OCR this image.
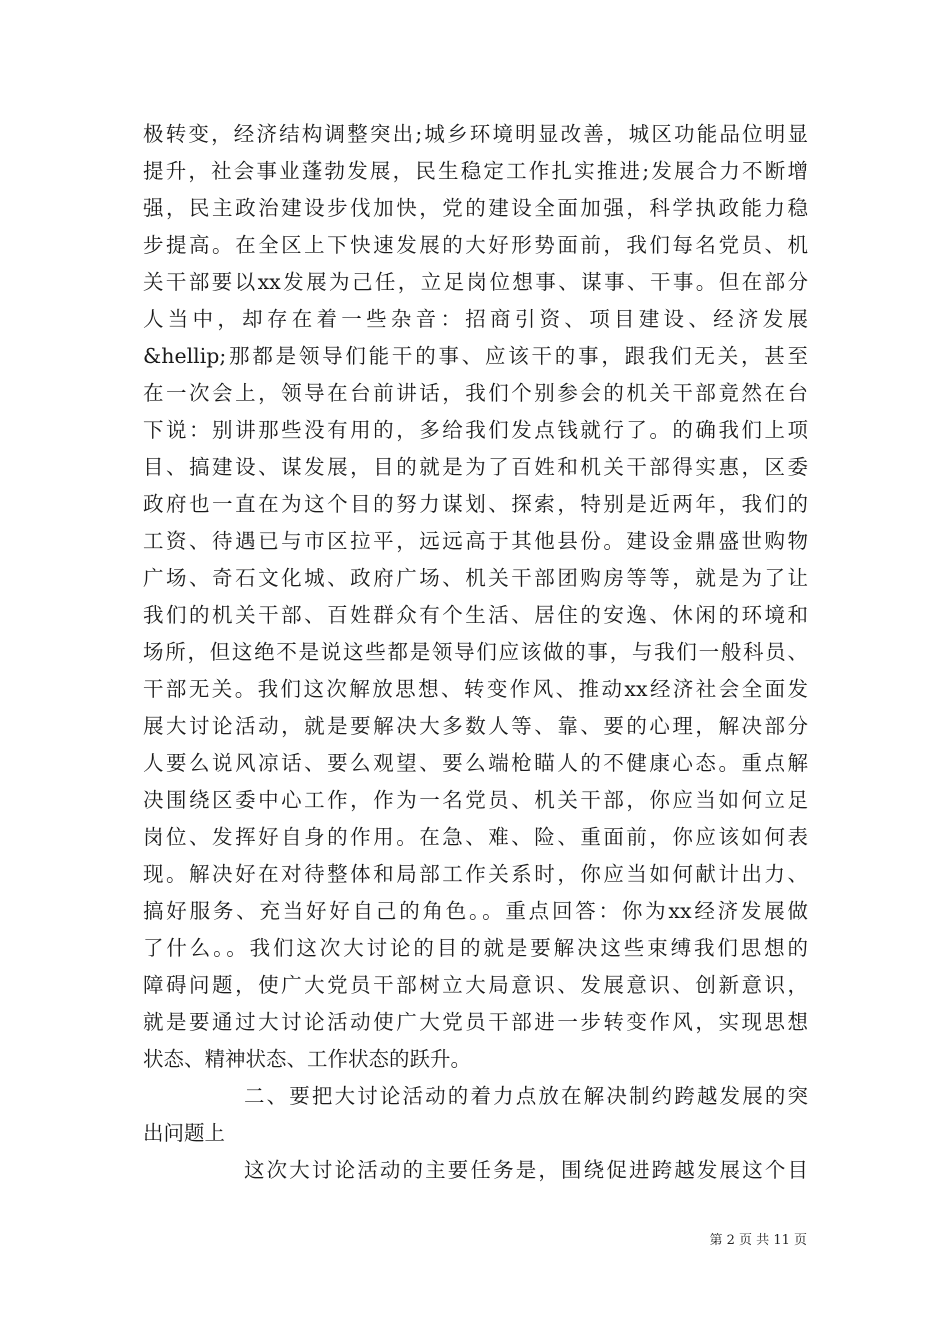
极转变，经济结构调整突出;城乡环境明显改善，城区功能品位明显
提升，社会事业蓬勃发展，民生稳定工作扎实推进;发展合力不断增
强，民主政治建设步伐加快，党的建设全面加强，科学执政能力稳
步提高。在全区上下快速发展的大好形势面前，我们每名党员、机
关干部要以xx发展为己任，立足岗位想事、谋事、干事。但在部分
人当中，却存在着一些杂音：招商引资、项目建设、经济发展
&hellip;那都是领导们能干的事、应该干的事，跟我们无关，甚至
在一次会上，领导在台前讲话，我们个别参会的机关干部竟然在台
下说：别讲那些没有用的，多给我们发点钱就行了。的确我们上项
目、搞建设、谋发展，目的就是为了百姓和机关干部得实惠，区委
政府也一直在为这个目的努力谋划、探索，特别是近两年，我们的
工资、待遇已与市区拉平，远远高于其他县份。建设金鼎盛世购物
广场、奇石文化城、政府广场、机关干部团购房等等，就是为了让
我们的机关干部、百姓群众有个生活、居住的安逸、休闲的环境和
场所，但这绝不是说这些都是领导们应该做的事，与我们一般科员、
干部无关。我们这次解放思想、转变作风、推动xx经济社会全面发
展大讨论活动，就是要解决大多数人等、靠、要的心理，解决部分
人要么说风凉话、要么观望、要么端枪瞄人的不健康心态。重点解
决围绕区委中心工作，作为一名党员、机关干部，你应当如何立足
岗位、发挥好自身的作用。在急、难、险、重面前，你应该如何表
现。解决好在对待整体和局部工作关系时，你应当如何献计出力、
搞好服务、充当好好自己的角色。。重点回答：你为xx经济发展做
了什么。。我们这次大讨论的目的就是要解决这些束缚我们思想的
障碍问题，使广大党员干部树立大局意识、发展意识、创新意识，
就是要通过大讨论活动使广大党员干部进一步转变作风，实现思想
状态、精神状态、工作状态的跃升。
二、要把大讨论活动的着力点放在解决制约跨越发展的突
出问题上
这次大讨论活动的主要任务是，围绕促进跨越发展这个目
第 2 页 共 11 页
